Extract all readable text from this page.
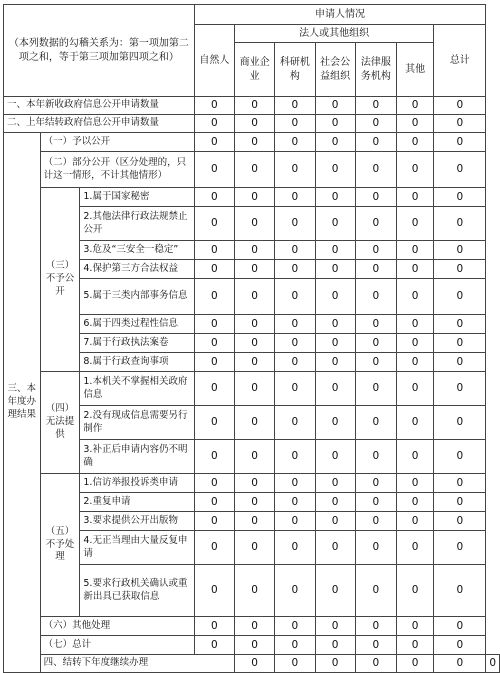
（本列数据的勾稽关系为：第一项加第二项之和，等于第三项加第四项之和）			申请人情况							
			自然人	法人或其他组织					总计	
				商业企业	科研机构	社会公益组织	法律服务机构	其他		
一、本年新收政府信息公开申请数量			0	0	0	0	0	0	0	
二、上年结转政府信息公开申请数量			0	0	0	0	0	0	0	
三、本年度办理结果	（一）予以公开		0	0	0	0	0	0	0	
	（二）部分公开（区分处理的，只计这一情形，不计其他情形）		0	0	0	0	0	0	0	
	（三）不予公开	1.属于国家秘密	0	0	0	0	0	0	0	
		2.其他法律行政法规禁止公开	0	0	0	0	0	0	0	
		3.危及“三安全一稳定”	0	0	0	0	0	0	0	
		4.保护第三方合法权益	0	0	0	0	0	0	0	
		5.属于三类内部事务信息	0	0	0	0	0	0	0	
		6.属于四类过程性信息	0	0	0	0	0	0	0	
		7.属于行政执法案卷	0	0	0	0	0	0	0	
		8.属于行政查询事项	0	0	0	0	0	0	0	
	（四）无法提供	1.本机关不掌握相关政府信息	0	0	0	0	0	0	0	
		2.没有现成信息需要另行制作	0	0	0	0	0	0	0	
		3.补正后申请内容仍不明确	0	0	0	0	0	0	0	
	（五）不予处理	1.信访举报投诉类申请	0	0	0	0	0	0	0	
		2.重复申请	0	0	0	0	0	0	0	
		3.要求提供公开出版物	0	0	0	0	0	0	0	
		4.无正当理由大量反复申请	0	0	0	0	0	0	0	
		5.要求行政机关确认或重新出具已获取信息	0	0	0	0	0	0	0	
	（六）其他处理		0	0	0	0	0	0	0	
	（七）总计		0	0	0	0	0	0	0	
	四、结转下年度继续办理			0	0	0	0	0	0	0
